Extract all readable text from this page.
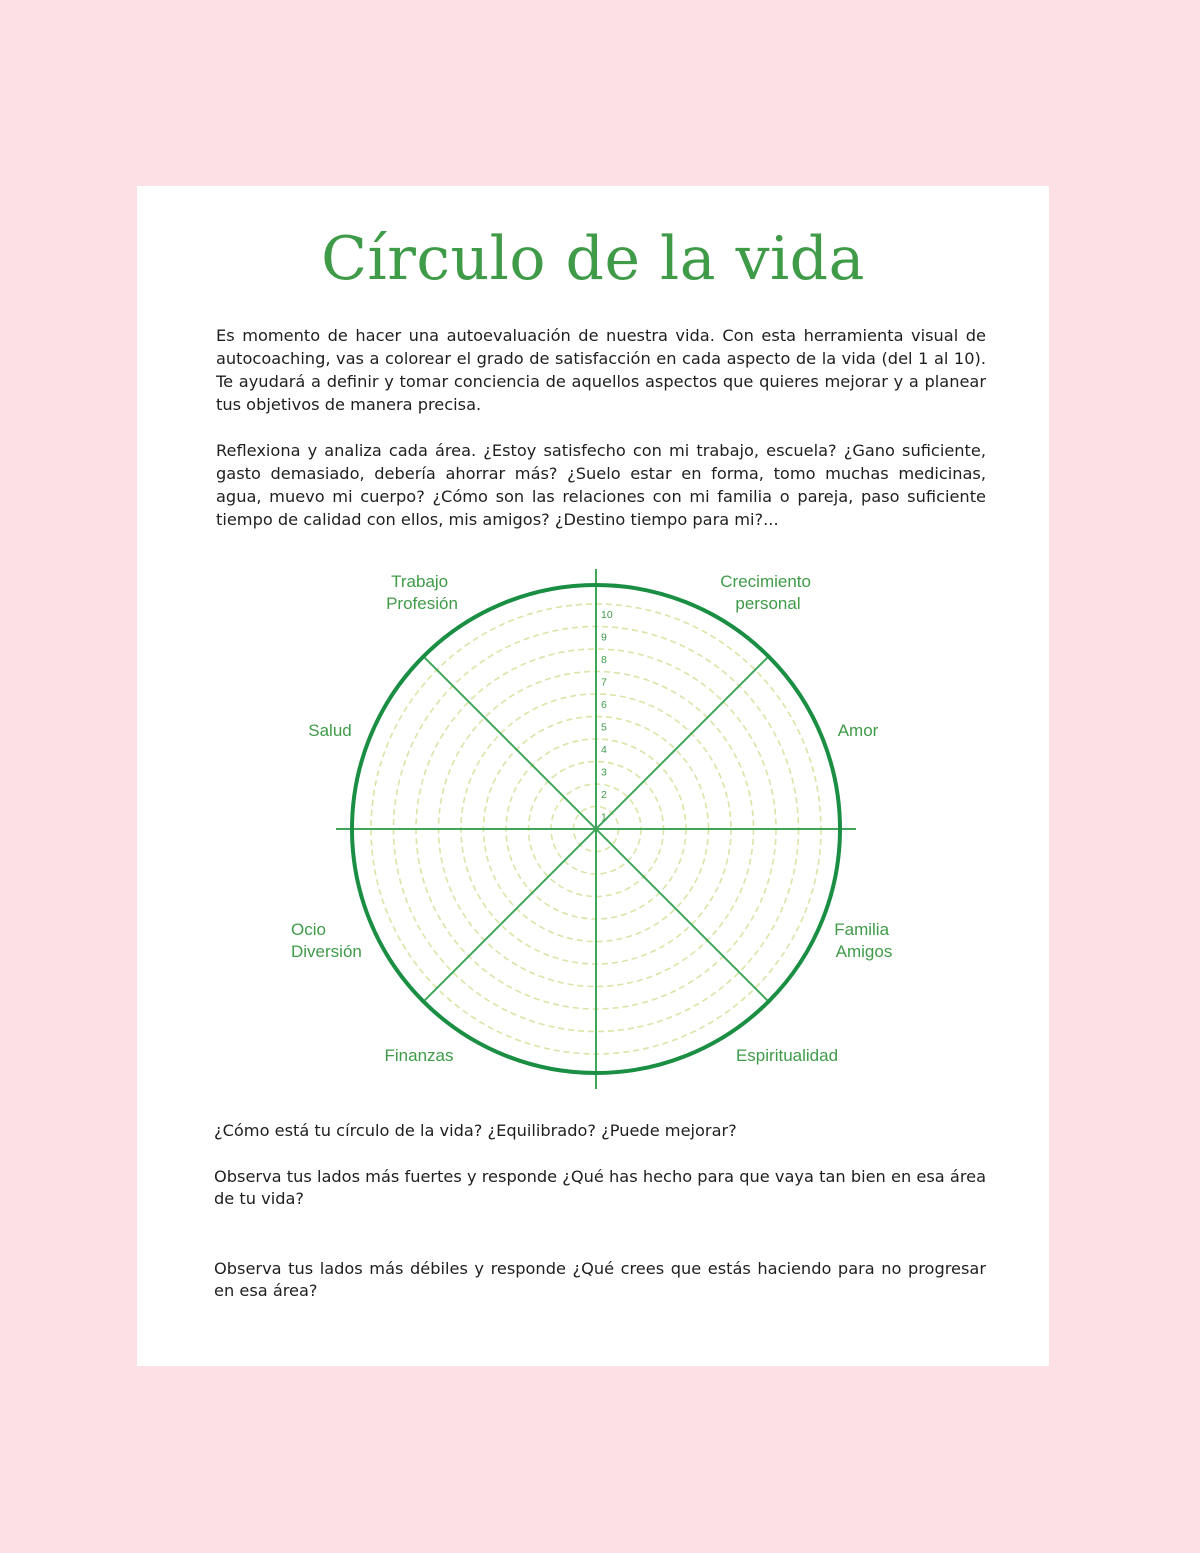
Círculo de la vida

Es momento de hacer una autoevaluación de nuestra vida. Con esta herramienta visual de autocoaching, vas a colorear el grado de satisfacción en cada aspecto de la vida (del 1 al 10). Te ayudará a definir y tomar conciencia de aquellos aspectos que quieres mejorar y a planear tus objetivos de manera precisa.

Reflexiona y analiza cada área. ¿Estoy satisfecho con mi trabajo, escuela? ¿Gano suficiente, gasto demasiado, debería ahorrar más? ¿Suelo estar en forma, tomo muchas medicinas, agua, muevo mi cuerpo? ¿Cómo son las relaciones con mi familia o pareja, paso suficiente tiempo de calidad con ellos, mis amigos? ¿Destino tiempo para mi?...

1
2
3
4
5
6
7
8
9
10
Trabajo Profesión
Crecimiento personal
Salud	Amor
Ocio Diversión
Familia Amigos
Finanzas	Espiritualidad

¿Cómo está tu círculo de la vida? ¿Equilibrado? ¿Puede mejorar?

Observa tus lados más fuertes y responde ¿Qué has hecho para que vaya tan bien en esa área de tu vida?

Observa tus lados más débiles y responde ¿Qué crees que estás haciendo para no progresar en esa área?
